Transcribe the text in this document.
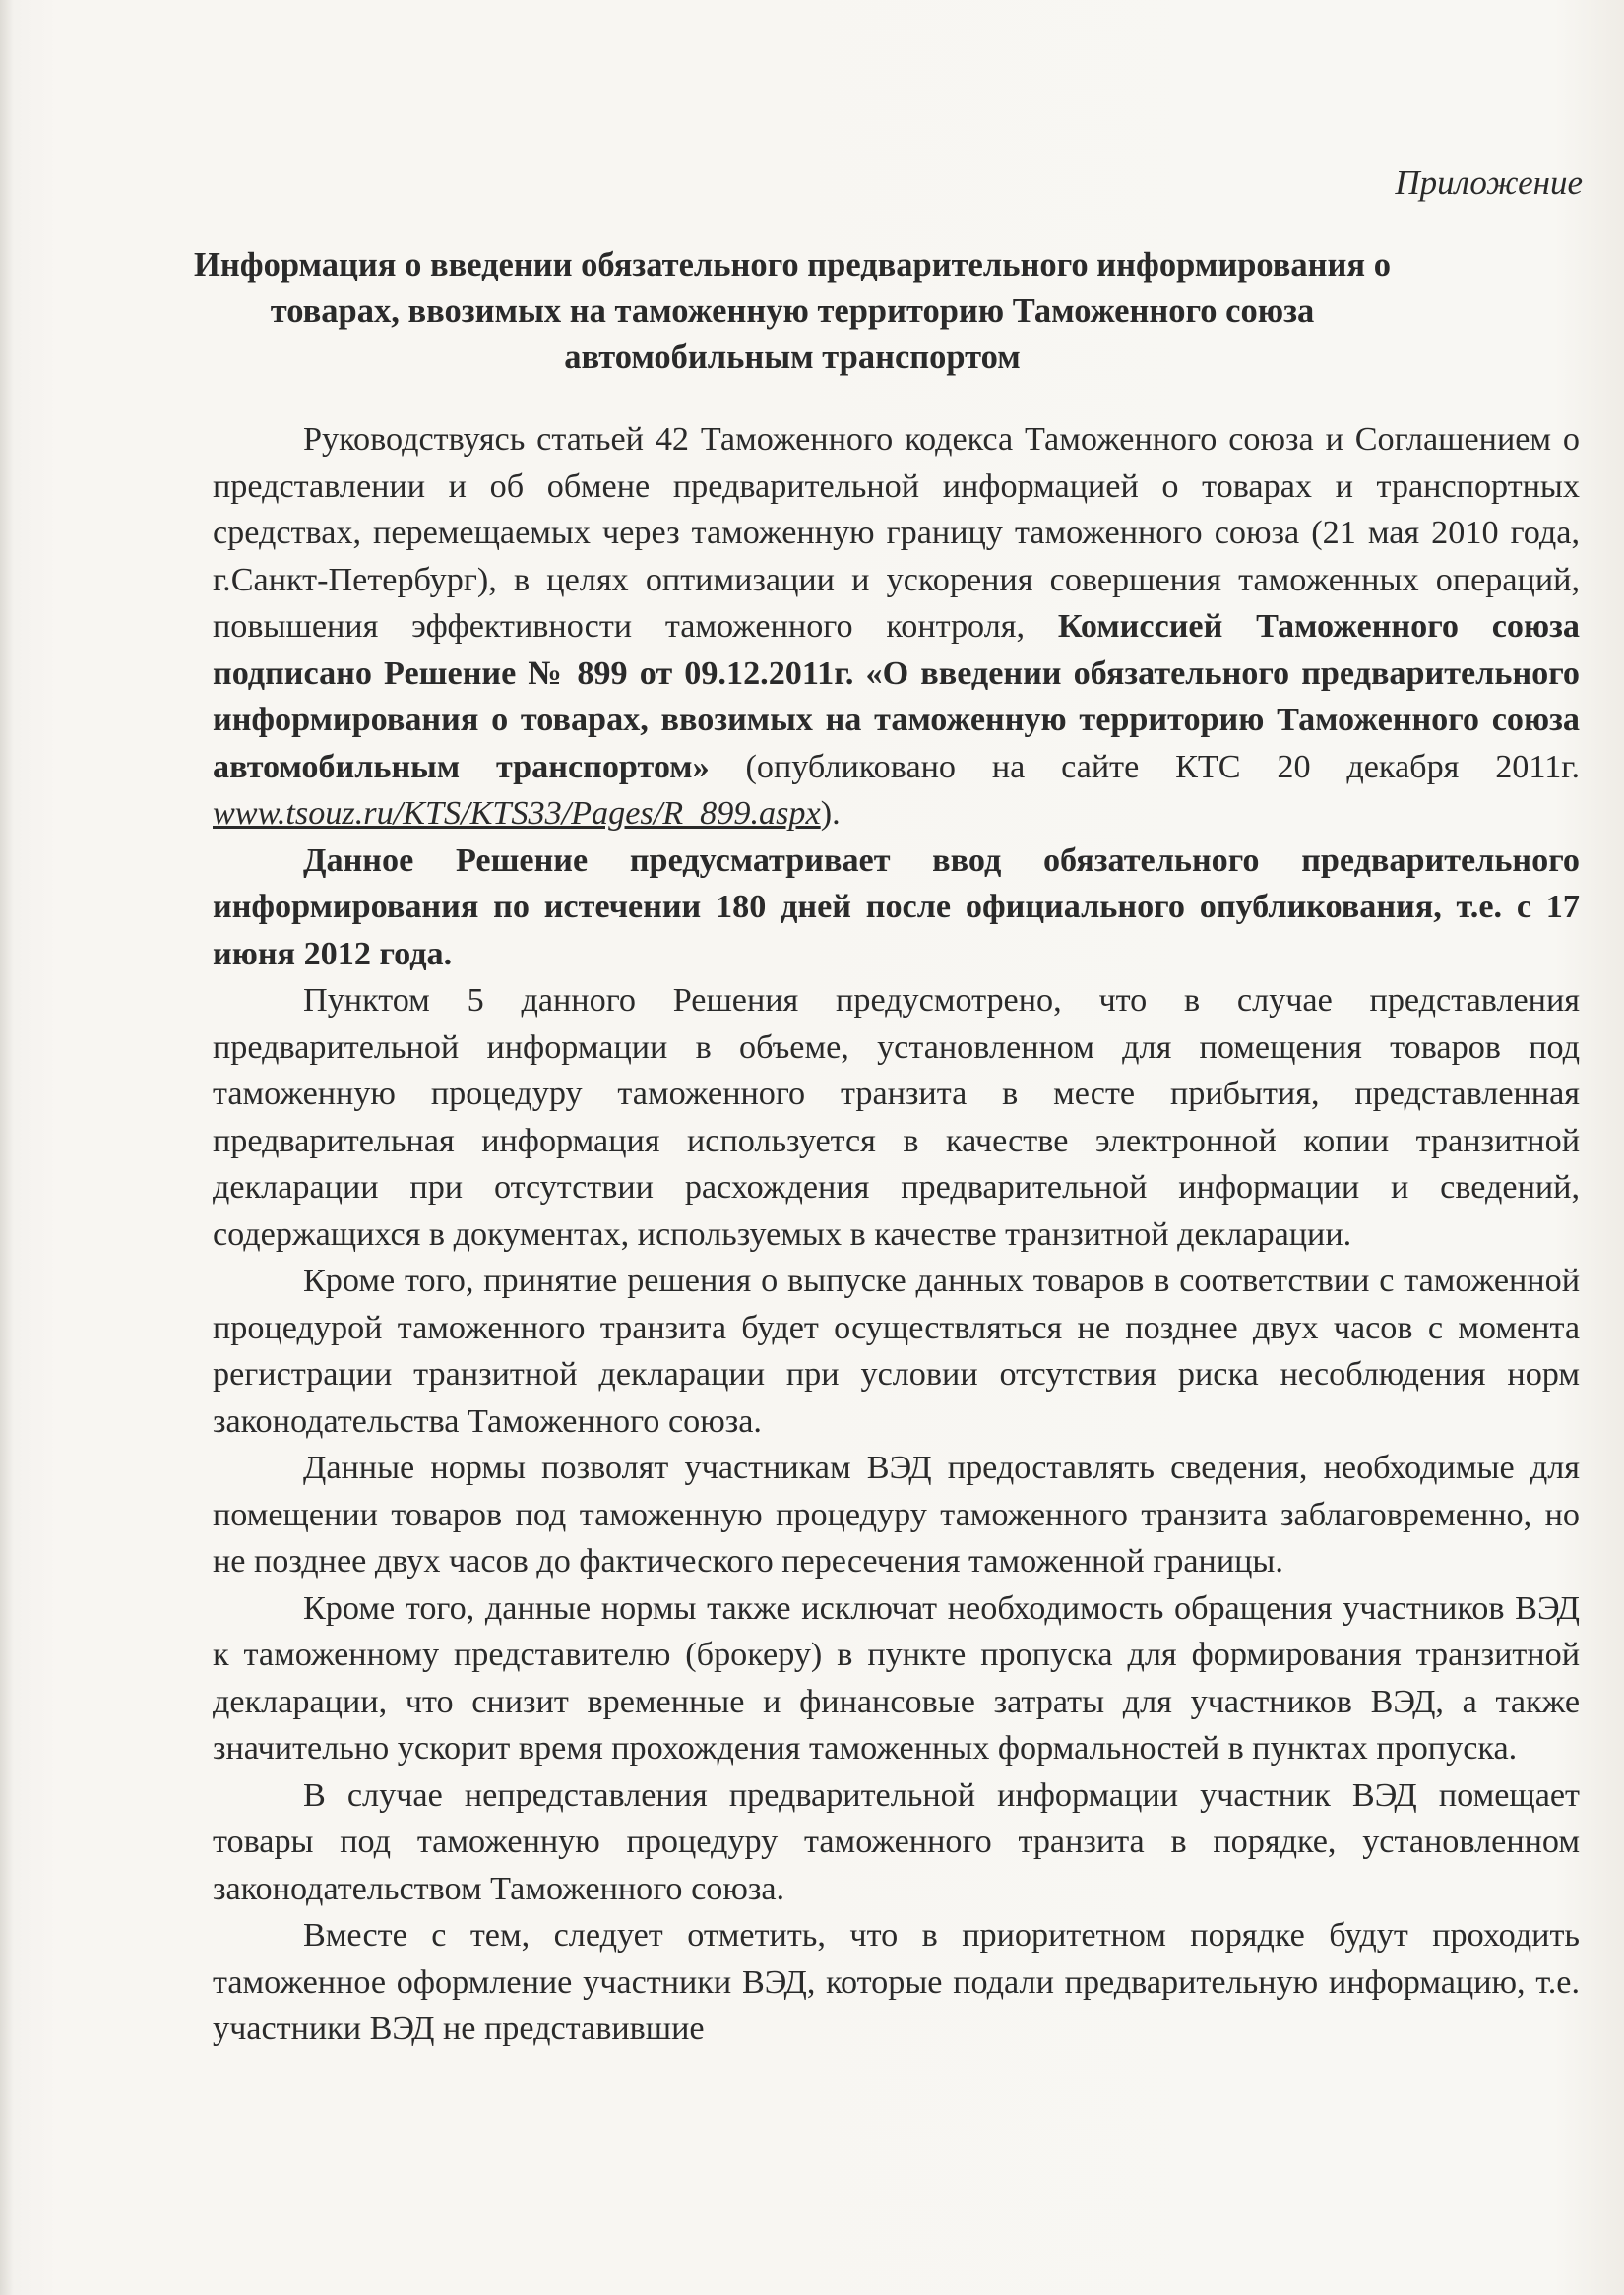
Приложение

Информация о введении обязательного предварительного информирования о
товарах, ввозимых на таможенную территорию Таможенного союза
автомобильным транспортом

Руководствуясь статьей 42 Таможенного кодекса Таможенного союза и Соглашением о представлении и об обмене предварительной информацией о товарах и транспортных средствах, перемещаемых через таможенную границу таможенного союза (21 мая 2010 года, г.Санкт-Петербург), в целях оптимизации и ускорения совершения таможенных операций, повышения эффективности таможенного контроля, Комиссией Таможенного союза подписано Решение № 899 от 09.12.2011г. «О введении обязательного предварительного информирования о товарах, ввозимых на таможенную территорию Таможенного союза автомобильным транспортом» (опубликовано на сайте КТС 20 декабря 2011г. www.tsouz.ru/KTS/KTS33/Pages/R_899.aspx).

Данное Решение предусматривает ввод обязательного предварительного информирования по истечении 180 дней после официального опубликования, т.е. с 17 июня 2012 года.

Пунктом 5 данного Решения предусмотрено, что в случае представления предварительной информации в объеме, установленном для помещения товаров под таможенную процедуру таможенного транзита в месте прибытия, представленная предварительная информация используется в качестве электронной копии транзитной декларации при отсутствии расхождения предварительной информации и сведений, содержащихся в документах, используемых в качестве транзитной декларации.

Кроме того, принятие решения о выпуске данных товаров в соответствии с таможенной процедурой таможенного транзита будет осуществляться не позднее двух часов с момента регистрации транзитной декларации при условии отсутствия риска несоблюдения норм законодательства Таможенного союза.

Данные нормы позволят участникам ВЭД предоставлять сведения, необходимые для помещении товаров под таможенную процедуру таможенного транзита заблаговременно, но не позднее двух часов до фактического пересечения таможенной границы.

Кроме того, данные нормы также исключат необходимость обращения участников ВЭД к таможенному представителю (брокеру) в пункте пропуска для формирования транзитной декларации, что снизит временные и финансовые затраты для участников ВЭД, а также значительно ускорит время прохождения таможенных формальностей в пунктах пропуска.

В случае непредставления предварительной информации участник ВЭД помещает товары под таможенную процедуру таможенного транзита в порядке, установленном законодательством Таможенного союза.

Вместе с тем, следует отметить, что в приоритетном порядке будут проходить таможенное оформление участники ВЭД, которые подали предварительную информацию, т.е. участники ВЭД не представившие
